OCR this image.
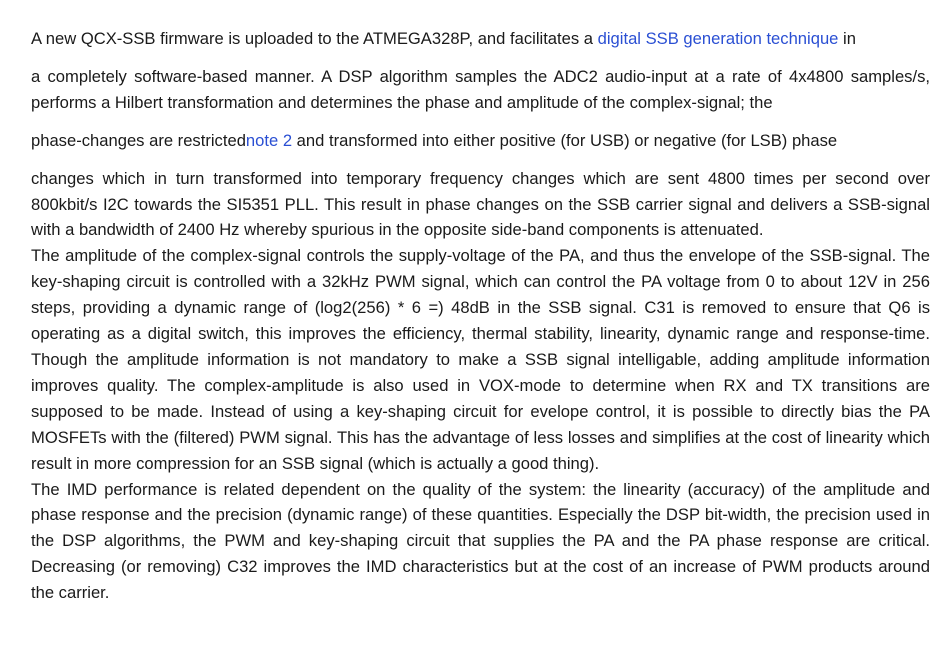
A new QCX-SSB firmware is uploaded to the ATMEGA328P, and facilitates a digital SSB generation technique in
a completely software-based manner. A DSP algorithm samples the ADC2 audio-input at a rate of 4x4800 samples/s, performs a Hilbert transformation and determines the phase and amplitude of the complex-signal; the
phase-changes are restrictednote 2 and transformed into either positive (for USB) or negative (for LSB) phase
changes which in turn transformed into temporary frequency changes which are sent 4800 times per second over 800kbit/s I2C towards the SI5351 PLL. This result in phase changes on the SSB carrier signal and delivers a SSB-signal with a bandwidth of 2400 Hz whereby spurious in the opposite side-band components is attenuated.
The amplitude of the complex-signal controls the supply-voltage of the PA, and thus the envelope of the SSB-signal. The key-shaping circuit is controlled with a 32kHz PWM signal, which can control the PA voltage from 0 to about 12V in 256 steps, providing a dynamic range of (log2(256) * 6 =) 48dB in the SSB signal. C31 is removed to ensure that Q6 is operating as a digital switch, this improves the efficiency, thermal stability, linearity, dynamic range and response-time. Though the amplitude information is not mandatory to make a SSB signal intelligable, adding amplitude information improves quality. The complex-amplitude is also used in VOX-mode to determine when RX and TX transitions are supposed to be made. Instead of using a key-shaping circuit for evelope control, it is possible to directly bias the PA MOSFETs with the (filtered) PWM signal. This has the advantage of less losses and simplifies at the cost of linearity which result in more compression for an SSB signal (which is actually a good thing).
The IMD performance is related dependent on the quality of the system: the linearity (accuracy) of the amplitude and phase response and the precision (dynamic range) of these quantities. Especially the DSP bit-width, the precision used in the DSP algorithms, the PWM and key-shaping circuit that supplies the PA and the PA phase response are critical. Decreasing (or removing) C32 improves the IMD characteristics but at the cost of an increase of PWM products around the carrier.
